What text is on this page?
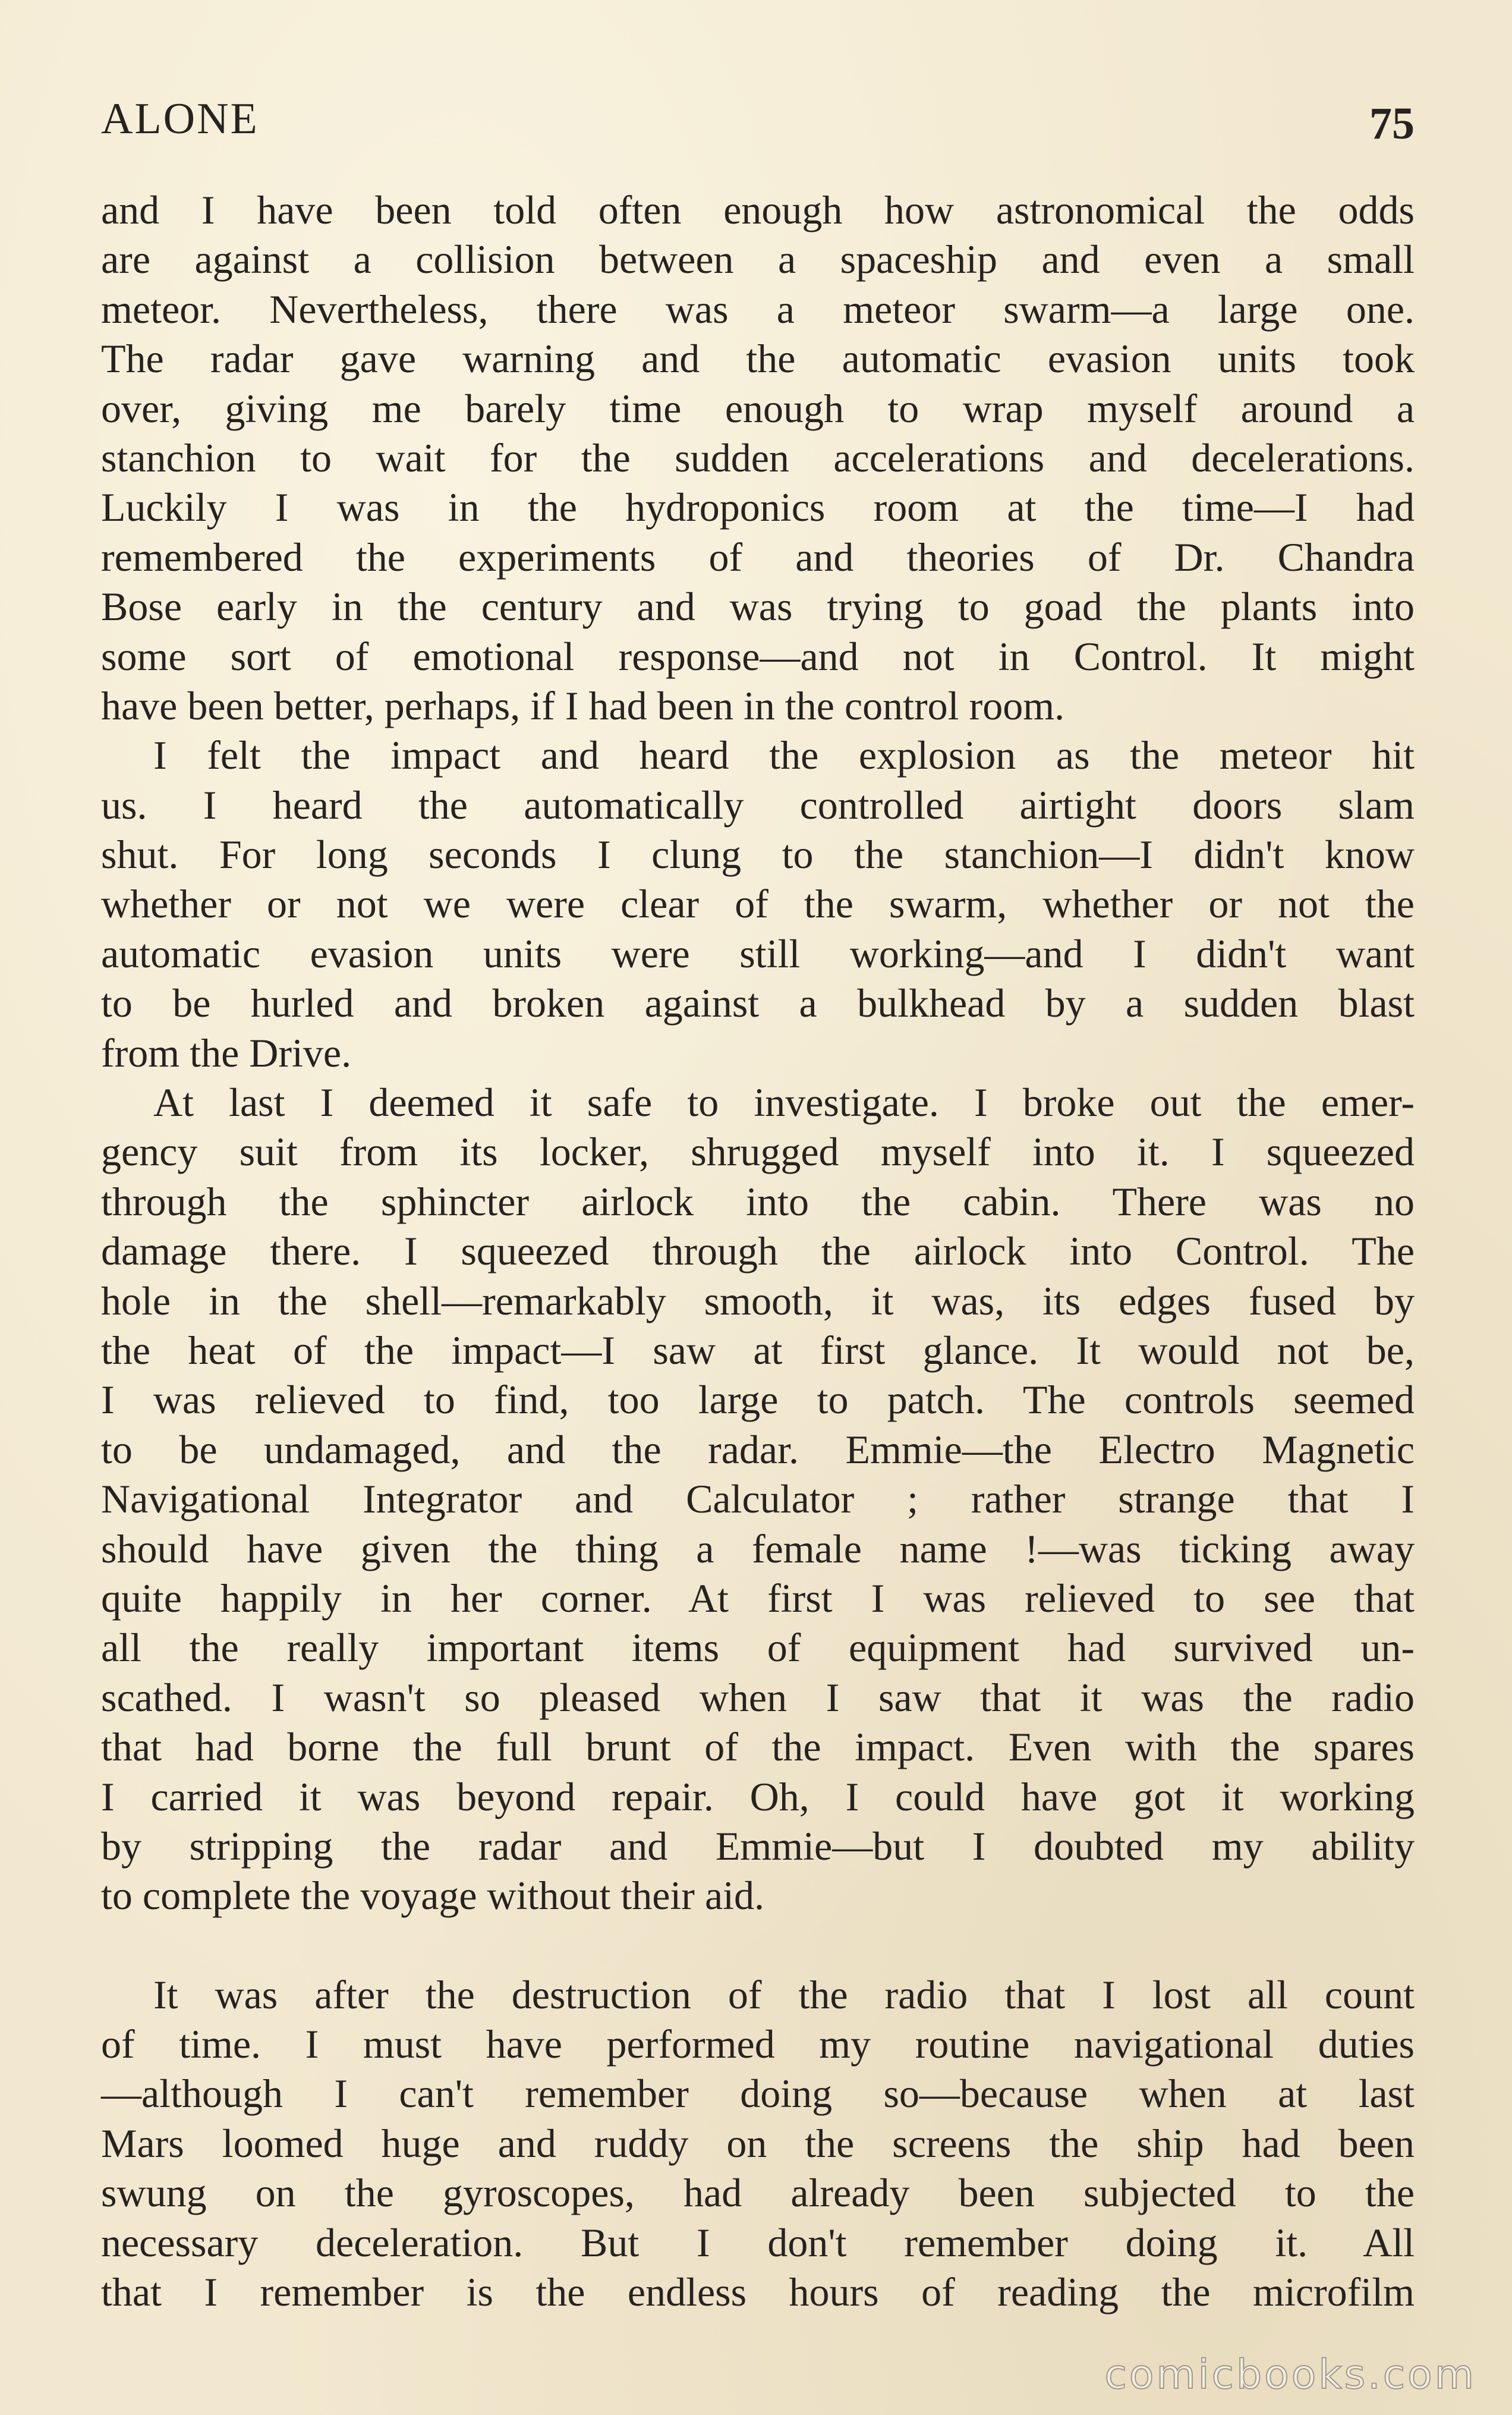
ALONE	75
and I have been told often enough how astronomical the odds
are against a collision between a spaceship and even a small
meteor. Nevertheless, there was a meteor swarm—a large one.
The radar gave warning and the automatic evasion units took
over, giving me barely time enough to wrap myself around a
stanchion to wait for the sudden accelerations and decelerations.
Luckily I was in the hydroponics room at the time—I had
remembered the experiments of and theories of Dr. Chandra
Bose early in the century and was trying to goad the plants into
some sort of emotional response—and not in Control. It might
have been better, perhaps, if I had been in the control room.
I felt the impact and heard the explosion as the meteor hit
us. I heard the automatically controlled airtight doors slam
shut. For long seconds I clung to the stanchion—I didn't know
whether or not we were clear of the swarm, whether or not the
automatic evasion units were still working—and I didn't want
to be hurled and broken against a bulkhead by a sudden blast
from the Drive.
At last I deemed it safe to investigate. I broke out the emer-
gency suit from its locker, shrugged myself into it. I squeezed
through the sphincter airlock into the cabin. There was no
damage there. I squeezed through the airlock into Control. The
hole in the shell—remarkably smooth, it was, its edges fused by
the heat of the impact—I saw at first glance. It would not be,
I was relieved to find, too large to patch. The controls seemed
to be undamaged, and the radar. Emmie—the Electro Magnetic
Navigational Integrator and Calculator ; rather strange that I
should have given the thing a female name !—was ticking away
quite happily in her corner. At first I was relieved to see that
all the really important items of equipment had survived un-
scathed. I wasn't so pleased when I saw that it was the radio
that had borne the full brunt of the impact. Even with the spares
I carried it was beyond repair. Oh, I could have got it working
by stripping the radar and Emmie—but I doubted my ability
to complete the voyage without their aid.
It was after the destruction of the radio that I lost all count
of time. I must have performed my routine navigational duties
—although I can't remember doing so—because when at last
Mars loomed huge and ruddy on the screens the ship had been
swung on the gyroscopes, had already been subjected to the
necessary deceleration. But I don't remember doing it. All
that I remember is the endless hours of reading the microfilm
comicbooks.com
